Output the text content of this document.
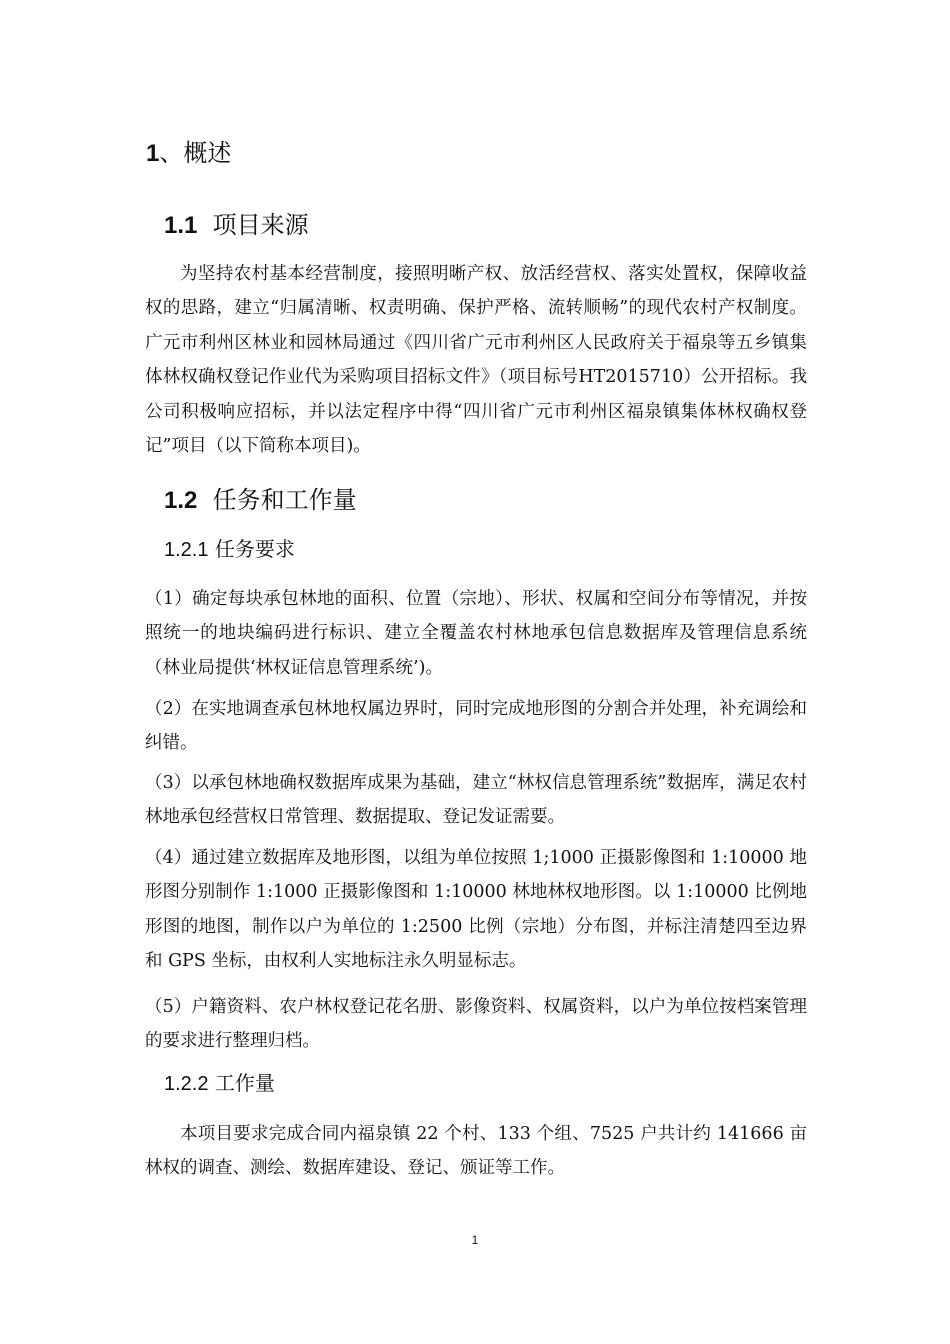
1、概述
1.1 项目来源

为坚持农村基本经营制度，接照明晰产权、放活经营权、落实处置权，保障收益权的思路，建立“归属清晰、权责明确、保护严格、流转顺畅”的现代农村产权制度。 广元市利州区林业和园林局通过《四川省广元市利州区人民政府关于福泉等五乡镇集体林权确权登记作业代为采购项目招标文件》（项目标号HT2015710）公开招标。我公司积极响应招标，并以法定程序中得“四川省广元市利州区福泉镇集体林权确权登记”项目（以下简称本项目)。

1.2 任务和工作量
1.2.1 任务要求

（1）确定每块承包林地的面积、位置（宗地）、形状、权属和空间分布等情况，并按照统一的地块编码进行标识、建立全覆盖农村林地承包信息数据库及管理信息系统（林业局提供‘林权证信息管理系统’)。

（2）在实地调查承包林地权属边界时，同时完成地形图的分割合并处理，补充调绘和纠错。

（3）以承包林地确权数据库成果为基础，建立“林权信息管理系统”数据库，满足农村林地承包经营权日常管理、数据提取、登记发证需要。

（4）通过建立数据库及地形图，以组为单位按照 1;1000 正摄影像图和 1:10000 地形图分别制作 1:1000 正摄影像图和 1:10000 林地林权地形图。以 1:10000 比例地形图的地图，制作以户为单位的 1:2500 比例（宗地）分布图，并标注清楚四至边界和 GPS 坐标，由权利人实地标注永久明显标志。

（5）户籍资料、农户林权登记花名册、影像资料、权属资料，以户为单位按档案管理的要求进行整理归档。

1.2.2 工作量

本项目要求完成合同内福泉镇 22 个村、133 个组、7525 户共计约 141666 亩林权的调查、测绘、数据库建设、登记、颁证等工作。

1
